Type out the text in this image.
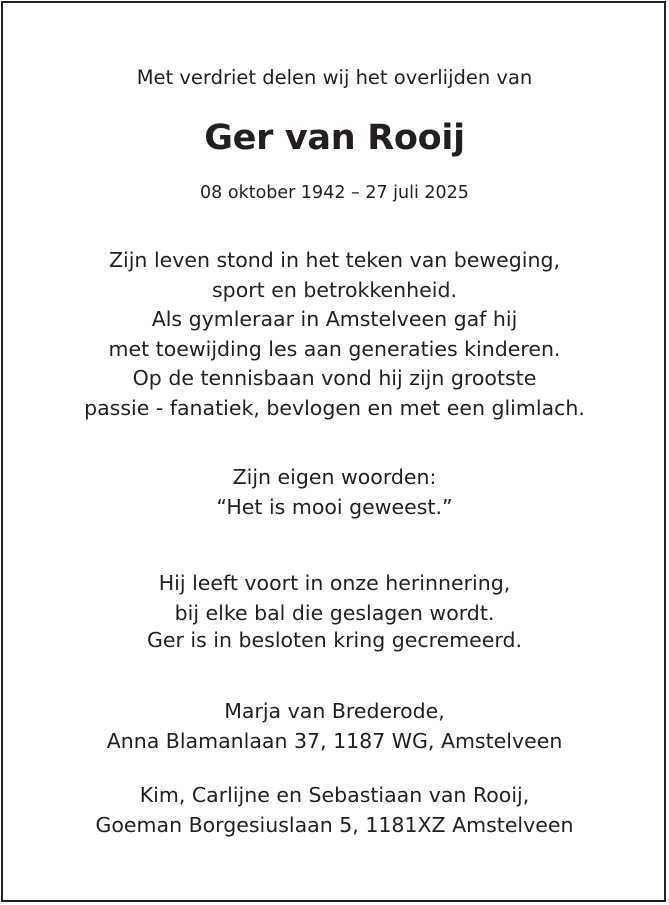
Met verdriet delen wij het overlijden van
Ger van Rooij
08 oktober 1942 – 27 juli 2025
Zijn leven stond in het teken van beweging,
sport en betrokkenheid.
Als gymleraar in Amstelveen gaf hij
met toewijding les aan generaties kinderen.
Op de tennisbaan vond hij zijn grootste
passie - fanatiek, bevlogen en met een glimlach.
Zijn eigen woorden:
“Het is mooi geweest.”
Hij leeft voort in onze herinnering,
bij elke bal die geslagen wordt.
Ger is in besloten kring gecremeerd.
Marja van Brederode,
Anna Blamanlaan 37, 1187 WG, Amstelveen
Kim, Carlijne en Sebastiaan van Rooij,
Goeman Borgesiuslaan 5, 1181XZ Amstelveen
